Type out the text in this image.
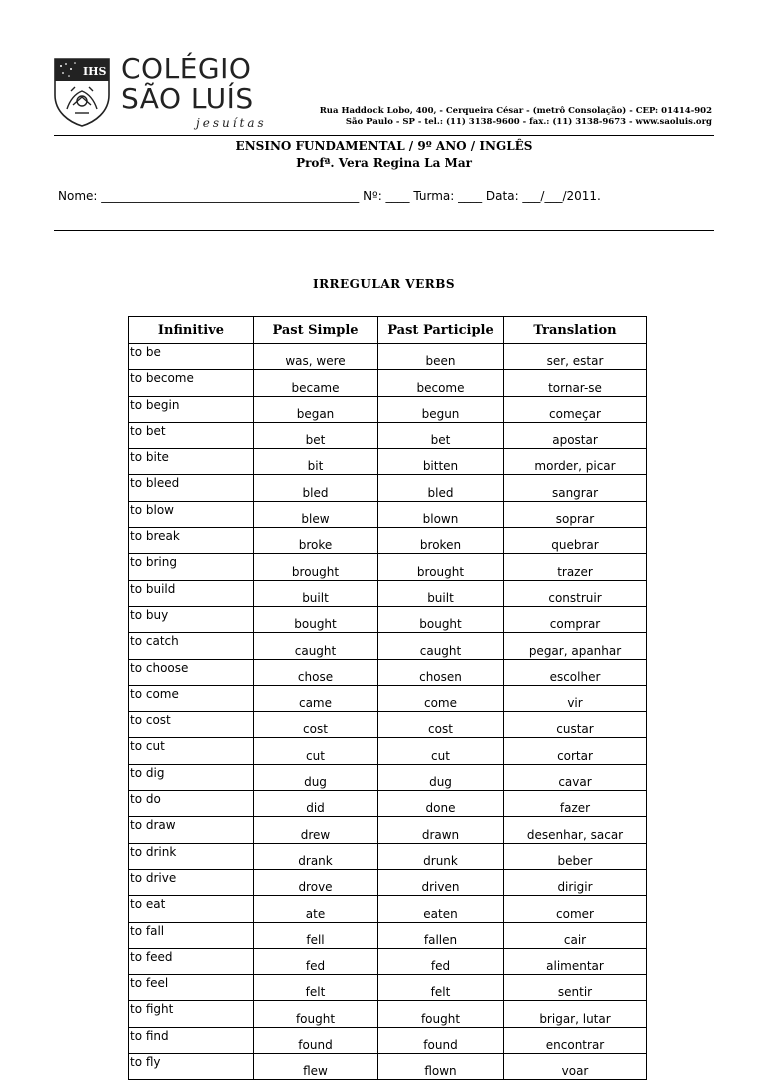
IHS COLÉGIO
SÃO LUÍS
jesuítas
Rua Haddock Lobo, 400, - Cerqueira César - (metrô Consolação) - CEP: 01414-902
São Paulo - SP - tel.: (11) 3138-9600 - fax.: (11) 3138-9673 - www.saoluis.org
ENSINO FUNDAMENTAL / 9º ANO / INGLÊS
Profª. Vera Regina La Mar
Nome: ___________________________________________ Nº: ____ Turma: ____ Data: ___/___/2011.
IRREGULAR VERBS
Infinitive	Past Simple	Past Participle	Translation
to be	was, were	been	ser, estar
to become	became	become	tornar-se
to begin	began	begun	começar
to bet	bet	bet	apostar
to bite	bit	bitten	morder, picar
to bleed	bled	bled	sangrar
to blow	blew	blown	soprar
to break	broke	broken	quebrar
to bring	brought	brought	trazer
to build	built	built	construir
to buy	bought	bought	comprar
to catch	caught	caught	pegar, apanhar
to choose	chose	chosen	escolher
to come	came	come	vir
to cost	cost	cost	custar
to cut	cut	cut	cortar
to dig	dug	dug	cavar
to do	did	done	fazer
to draw	drew	drawn	desenhar, sacar
to drink	drank	drunk	beber
to drive	drove	driven	dirigir
to eat	ate	eaten	comer
to fall	fell	fallen	cair
to feed	fed	fed	alimentar
to feel	felt	felt	sentir
to fight	fought	fought	brigar, lutar
to find	found	found	encontrar
to fly	flew	flown	voar
